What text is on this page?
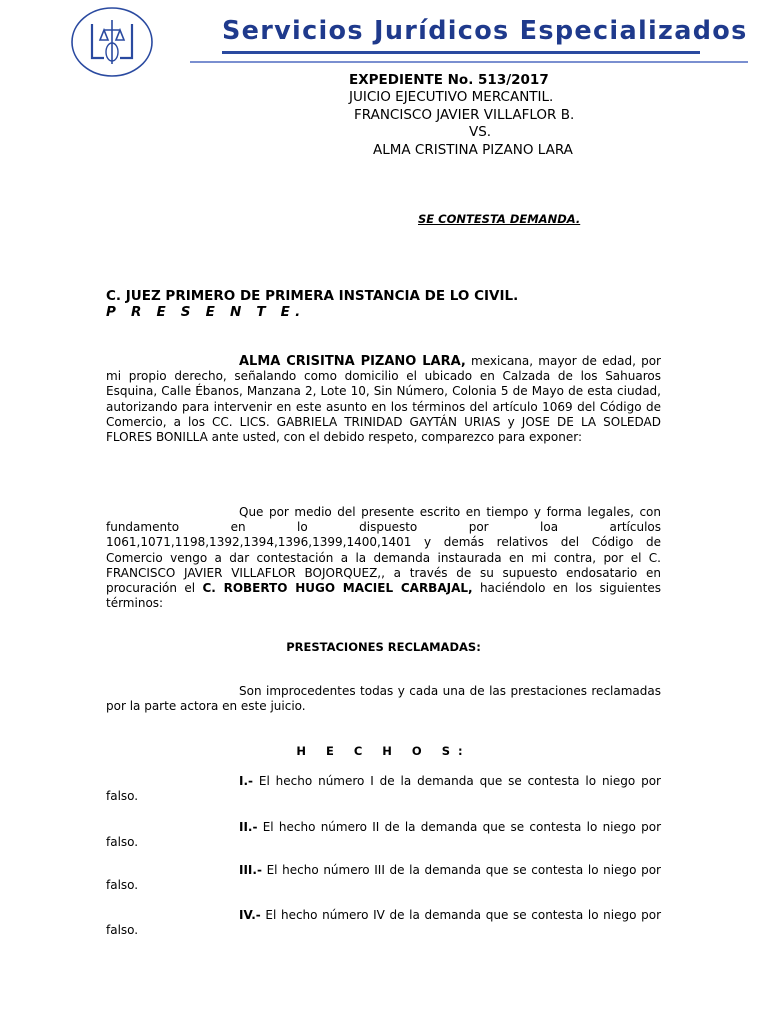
Servicios Jurídicos Especializados
EXPEDIENTE No. 513/2017
JUICIO EJECUTIVO MERCANTIL.
FRANCISCO JAVIER VILLAFLOR B.
VS.
ALMA CRISTINA PIZANO LARA
SE CONTESTA DEMANDA.
C. JUEZ PRIMERO DE PRIMERA INSTANCIA DE LO CIVIL.
P R E S E N T E.

ALMA CRISITNA PIZANO LARA, mexicana, mayor de edad, por mi propio derecho, señalando como domicilio el ubicado en Calzada de los Sahuaros Esquina, Calle Ébanos, Manzana 2, Lote 10, Sin Número, Colonia 5 de Mayo de esta ciudad, autorizando para intervenir en este asunto en los términos del artículo 1069 del Código de Comercio, a los CC. LICS. GABRIELA TRINIDAD GAYTÁN URIAS y JOSE DE LA SOLEDAD FLORES BONILLA ante usted, con el debido respeto, comparezco para exponer:

Que por medio del presente escrito en tiempo y forma legales, con fundamento en lo dispuesto por loa artículos 1061,1071,1198,1392,1394,1396,1399,1400,1401 y demás relativos del Código de Comercio vengo a dar contestación a la demanda instaurada en mi contra, por el C. FRANCISCO JAVIER VILLAFLOR BOJORQUEZ,, a través de su supuesto endosatario en procuración el C. ROBERTO HUGO MACIEL CARBAJAL, haciéndolo en los siguientes términos:

PRESTACIONES RECLAMADAS:

Son improcedentes todas y cada una de las prestaciones reclamadas por la parte actora en este juicio.

H E C H O S:

I.- El hecho número I de la demanda que se contesta lo niego por falso.

II.- El hecho número II de la demanda que se contesta lo niego por falso.

III.- El hecho número III de la demanda que se contesta lo niego por falso.

IV.- El hecho número IV de la demanda que se contesta lo niego por falso.
